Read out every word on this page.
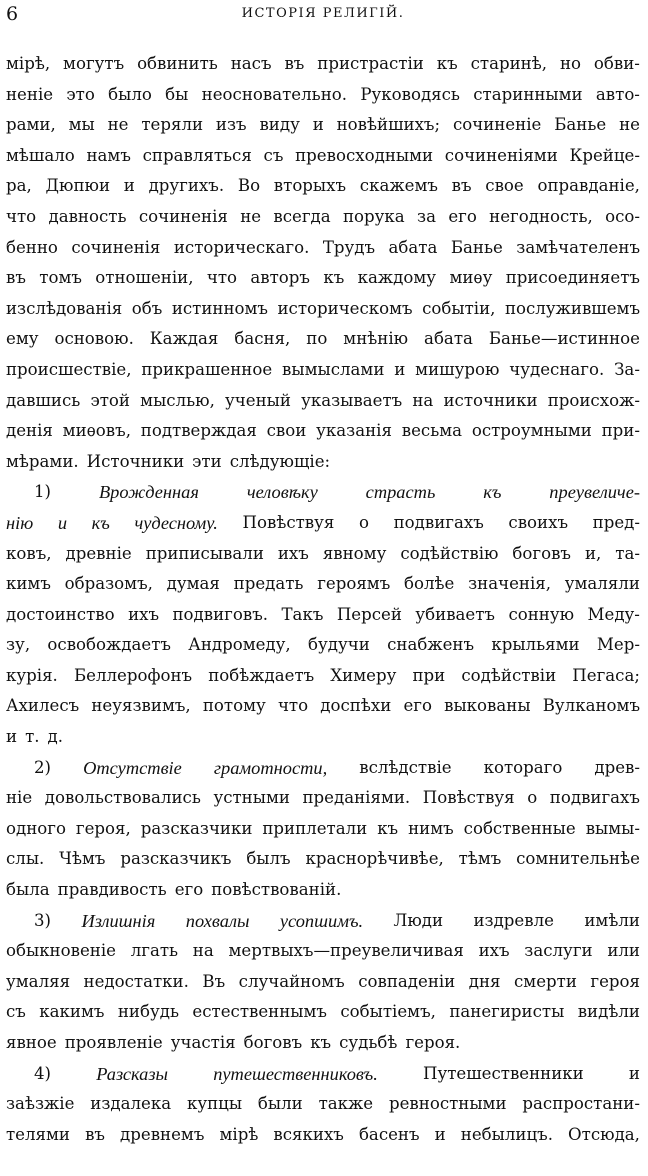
6	ИСТОРІЯ РЕЛИГІЙ.
мірѣ, могутъ обвинить насъ въ пристрастіи къ старинѣ, но обви-
неніе это было бы неосновательно. Руководясь старинными авто-
рами, мы не теряли изъ виду и новѣйшихъ; сочиненіе Банье не
мѣшало намъ справляться съ превосходными сочиненіями Крейце-
ра, Дюпюи и другихъ. Во вторыхъ скажемъ въ свое оправданіе,
что давность сочиненія не всегда порука за его негодность, осо-
бенно сочиненія историческаго. Трудъ абата Банье замѣчателенъ
въ томъ отношеніи, что авторъ къ каждому миѳу присоединяетъ
изслѣдованія объ истинномъ историческомъ событіи, послужившемъ
ему основою. Каждая басня, по мнѣнію абата Банье—истинное
происшествіе, прикрашенное вымыслами и мишурою чудеснаго. За-
давшись этой мыслью, ученый указываетъ на источники происхож-
денія миѳовъ, подтверждая свои указанія весьма остроумными при-
мѣрами. Источники эти слѣдующіе:
1)	Врожденная	человѣку	страсть	къ	преувеличе-
нію и къ чудесному. Повѣствуя о подвигахъ своихъ пред-
ковъ, древніе приписывали ихъ явному содѣйствію боговъ и, та-
кимъ образомъ, думая предать героямъ болѣе значенія, умаляли
достоинство ихъ подвиговъ. Такъ Персей убиваетъ сонную Меду-
зу, освобождаетъ Андромеду, будучи снабженъ крыльями Мер-
курія. Беллерофонъ побѣждаетъ Химеру при содѣйствіи Пегаса;
Ахилесъ неуязвимъ, потому что доспѣхи его выкованы Вулканомъ
и т. д.
2) Отсутствіе грамотности, вслѣдствіе котораго древ-
ніе довольствовались устными преданіями. Повѣствуя о подвигахъ
одного героя, разсказчики приплетали къ нимъ собственные вымы-
слы. Чѣмъ разсказчикъ былъ краснорѣчивѣе, тѣмъ сомнительнѣе
была правдивость его повѣствованій.
3) Излишнія похвалы усопшимъ. Люди издревле имѣли
обыкновеніе лгать на мертвыхъ—преувеличивая ихъ заслуги или
умаляя недостатки. Въ случайномъ совпаденіи дня смерти героя
съ какимъ нибудь естественнымъ событіемъ, панегиристы видѣли
явное проявленіе участія боговъ къ судьбѣ героя.
4) Разсказы путешественниковъ.	Путешественники	и
заѣзжіе издалека купцы были также ревностными распростани-
телями въ древнемъ мірѣ всякихъ басенъ и небылицъ. Отсюда,
